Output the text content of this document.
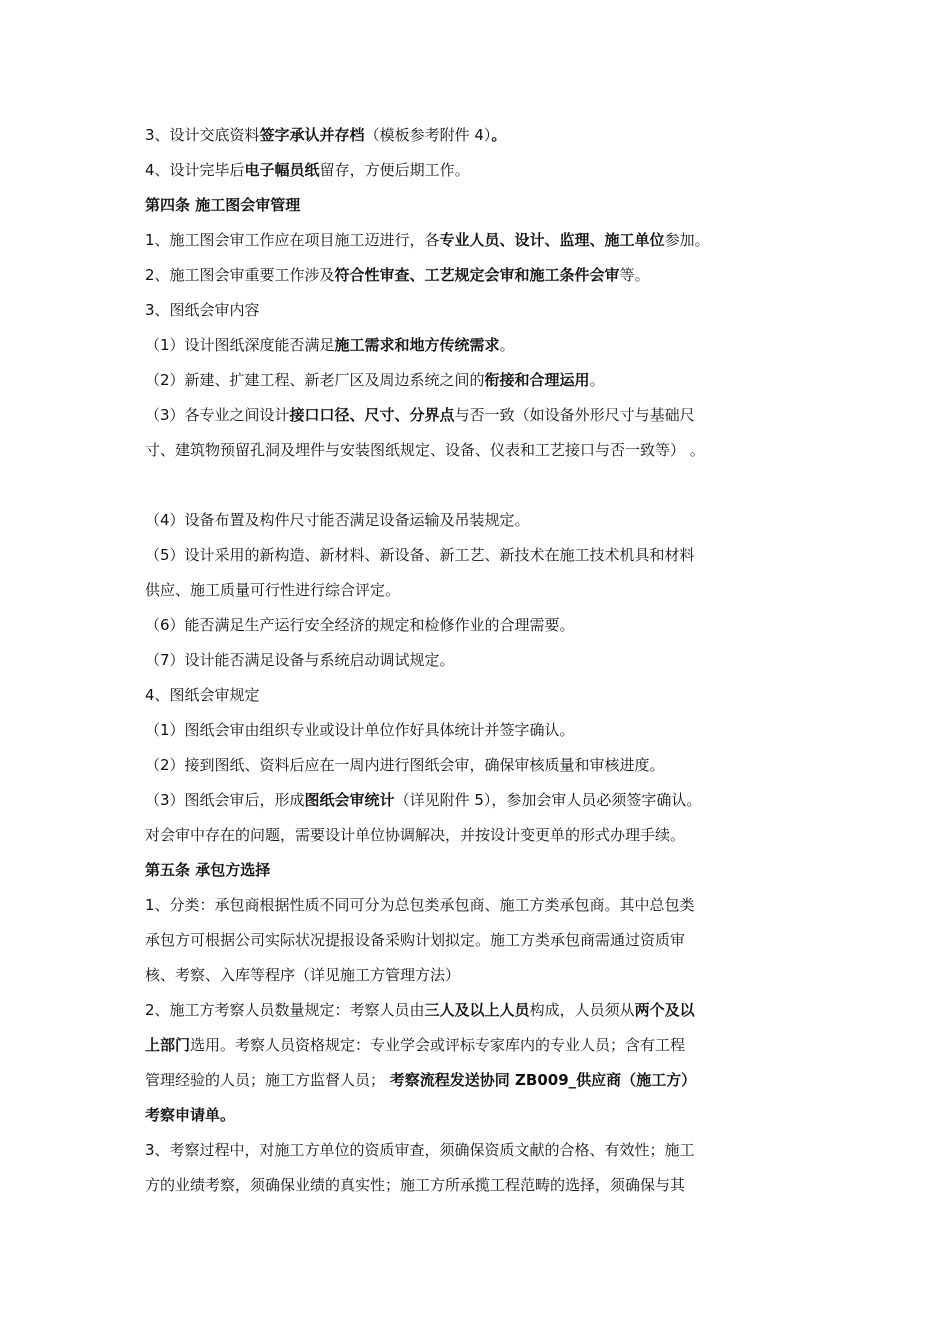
3、设计交底资料签字承认并存档（模板参考附件 4）。
4、设计完毕后电子幅员纸留存，方便后期工作。
第四条 施工图会审管理
1、施工图会审工作应在项目施工迈进行，各专业人员、设计、监理、施工单位参加。
2、施工图会审重要工作涉及符合性审查、工艺规定会审和施工条件会审等。
3、图纸会审内容
（1）设计图纸深度能否满足施工需求和地方传统需求。
（2）新建、扩建工程、新老厂区及周边系统之间的衔接和合理运用。
（3）各专业之间设计接口口径、尺寸、分界点与否一致（如设备外形尺寸与基础尺
寸、建筑物预留孔洞及埋件与安装图纸规定、设备、仪表和工艺接口与否一致等） 。
（4）设备布置及构件尺寸能否满足设备运输及吊装规定。
（5）设计采用的新构造、新材料、新设备、新工艺、新技术在施工技术机具和材料
供应、施工质量可行性进行综合评定。
（6）能否满足生产运行安全经济的规定和检修作业的合理需要。
（7）设计能否满足设备与系统启动调试规定。
4、图纸会审规定
（1）图纸会审由组织专业或设计单位作好具体统计并签字确认。
（2）接到图纸、资料后应在一周内进行图纸会审，确保审核质量和审核进度。
（3）图纸会审后，形成图纸会审统计（详见附件 5），参加会审人员必须签字确认。
对会审中存在的问题，需要设计单位协调解决，并按设计变更单的形式办理手续。
第五条 承包方选择
1、分类：承包商根据性质不同可分为总包类承包商、施工方类承包商。其中总包类
承包方可根据公司实际状况提报设备采购计划拟定。施工方类承包商需通过资质审
核、考察、入库等程序（详见施工方管理方法）
2、施工方考察人员数量规定：考察人员由三人及以上人员构成，人员须从两个及以
上部门选用。考察人员资格规定：专业学会或评标专家库内的专业人员；含有工程
管理经验的人员；施工方监督人员； 考察流程发送协同 ZB009_供应商（施工方）
考察申请单。
3、考察过程中，对施工方单位的资质审查，须确保资质文献的合格、有效性；施工
方的业绩考察，须确保业绩的真实性；施工方所承揽工程范畴的选择，须确保与其
